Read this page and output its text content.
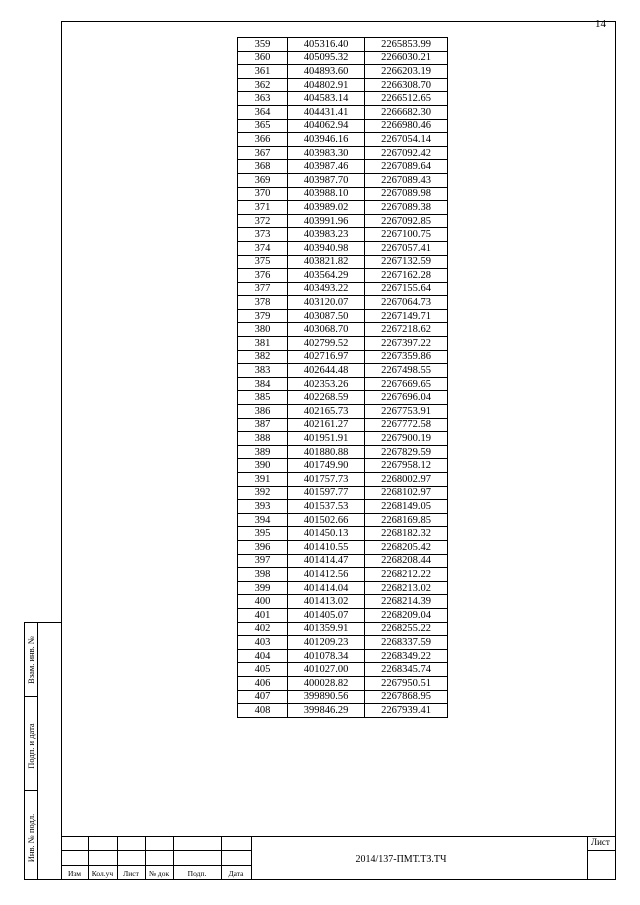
14
359	405316.40	2265853.99
360	405095.32	2266030.21
361	404893.60	2266203.19
362	404802.91	2266308.70
363	404583.14	2266512.65
364	404431.41	2266682.30
365	404062.94	2266980.46
366	403946.16	2267054.14
367	403983.30	2267092.42
368	403987.46	2267089.64
369	403987.70	2267089.43
370	403988.10	2267089.98
371	403989.02	2267089.38
372	403991.96	2267092.85
373	403983.23	2267100.75
374	403940.98	2267057.41
375	403821.82	2267132.59
376	403564.29	2267162.28
377	403493.22	2267155.64
378	403120.07	2267064.73
379	403087.50	2267149.71
380	403068.70	2267218.62
381	402799.52	2267397.22
382	402716.97	2267359.86
383	402644.48	2267498.55
384	402353.26	2267669.65
385	402268.59	2267696.04
386	402165.73	2267753.91
387	402161.27	2267772.58
388	401951.91	2267900.19
389	401880.88	2267829.59
390	401749.90	2267958.12
391	401757.73	2268002.97
392	401597.77	2268102.97
393	401537.53	2268149.05
394	401502.66	2268169.85
395	401450.13	2268182.32
396	401410.55	2268205.42
397	401414.47	2268208.44
398	401412.56	2268212.22
399	401414.04	2268213.02
400	401413.02	2268214.39
401	401405.07	2268209.04
402	401359.91	2268255.22
403	401209.23	2268337.59
404	401078.34	2268349.22
405	401027.00	2268345.74
406	400028.82	2267950.51
407	399890.56	2267868.95
408	399846.29	2267939.41
Взам. инв. №
Подп. и дата
Инв. № подл.	2014/137-ПМТ.ТЗ.ТЧ
Лист
Изм	Кол.уч	Лист	№ док	Подп.	Дата
